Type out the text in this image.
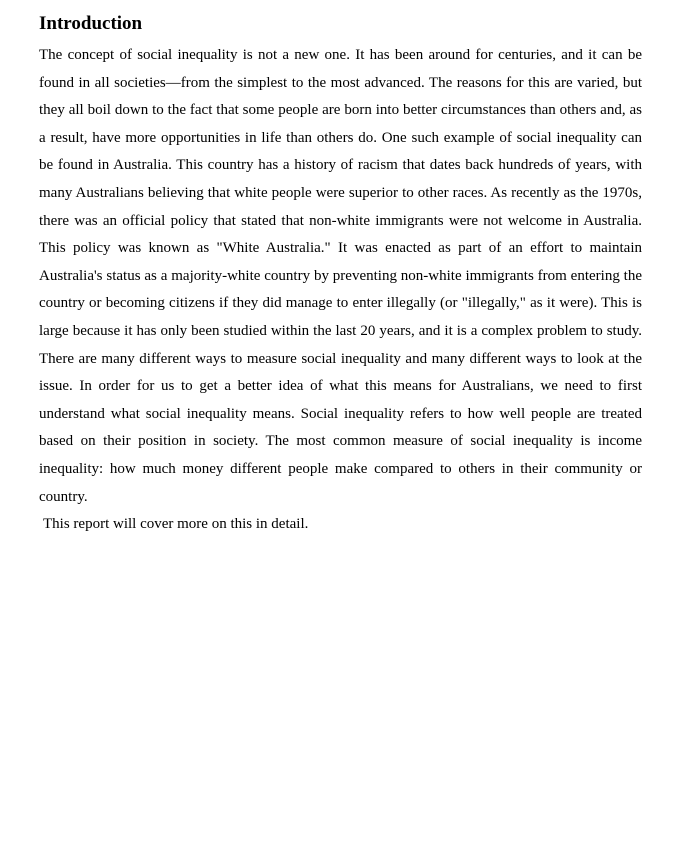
Introduction

The concept of social inequality is not a new one. It has been around for centuries, and it can be found in all societies—from the simplest to the most advanced. The reasons for this are varied, but they all boil down to the fact that some people are born into better circumstances than others and, as a result, have more opportunities in life than others do. One such example of social inequality can be found in Australia. This country has a history of racism that dates back hundreds of years, with many Australians believing that white people were superior to other races. As recently as the 1970s, there was an official policy that stated that non-white immigrants were not welcome in Australia. This policy was known as "White Australia." It was enacted as part of an effort to maintain Australia's status as a majority-white country by preventing non-white immigrants from entering the country or becoming citizens if they did manage to enter illegally (or "illegally," as it were). This is large because it has only been studied within the last 20 years, and it is a complex problem to study. There are many different ways to measure social inequality and many different ways to look at the issue. In order for us to get a better idea of what this means for Australians, we need to first understand what social inequality means. Social inequality refers to how well people are treated based on their position in society. The most common measure of social inequality is income inequality: how much money different people make compared to others in their community or country.

This report will cover more on this in detail.
